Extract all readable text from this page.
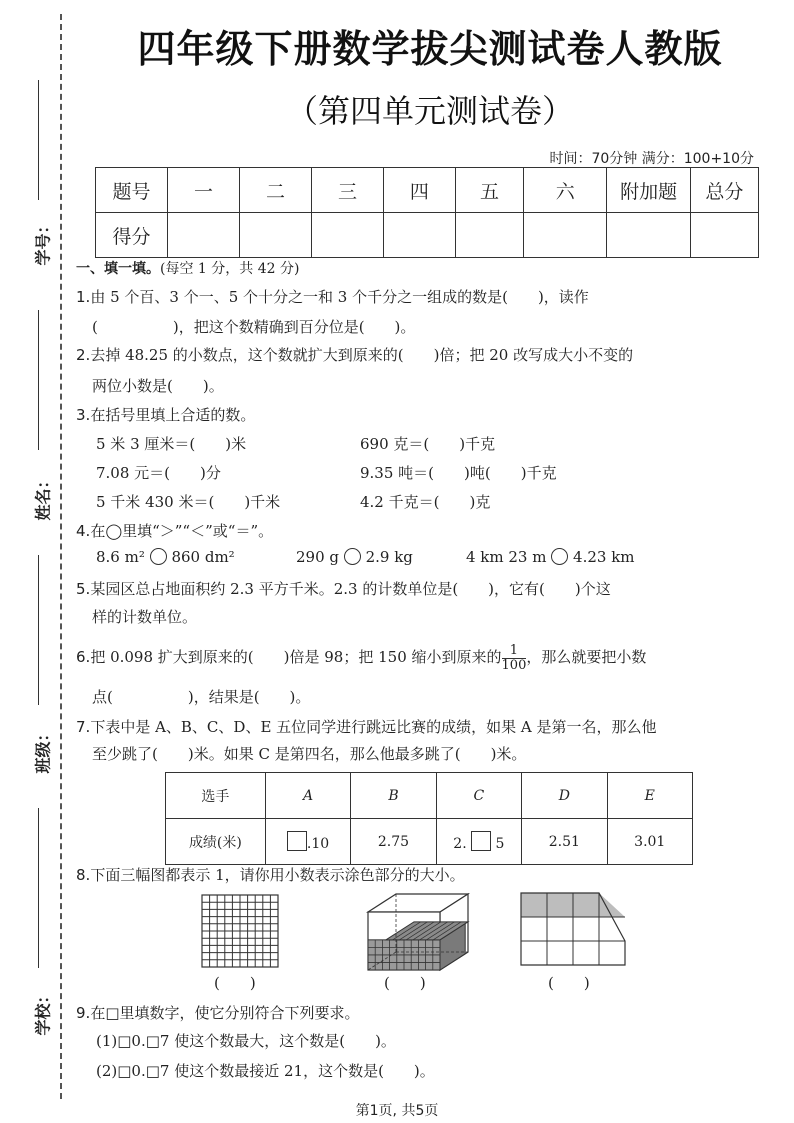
学号：
姓名：
班级：
学校：
四年级下册数学拔尖测试卷人教版
（第四单元测试卷）
时间：70分钟 满分：100+10分
题号	一	二	三	四	五	六	附加题	总分
得分								
一、填一填。(每空 1 分，共 42 分)
1.由 5 个百、3 个一、5 个十分之一和 3 个千分之一组成的数是(　　)，读作
(　　　　　)，把这个数精确到百分位是(　　)。
2.去掉 48.25 的小数点，这个数就扩大到原来的(　　)倍；把 20 改写成大小不变的
两位小数是(　　)。
3.在括号里填上合适的数。
5 米 3 厘米＝(　　)米	690 克＝(　　)千克
7.08 元＝(　　)分	9.35 吨＝(　　)吨(　　)千克
5 千米 430 米＝(　　)千米	4.2 千克＝(　　)克
4.在◯里填“＞”“＜”或“＝”。
8.6 m² 860 dm²	290 g 2.9 kg	4 km 23 m 4.23 km
5.某园区总占地面积约 2.3 平方千米。2.3 的计数单位是(　　)，它有(　　)个这
样的计数单位。
6.把 0.098 扩大到原来的(　　)倍是 98；把 150 缩小到原来的 $\frac{1}{100}$ ，那么就要把小数
点(　　　　　)，结果是(　　)。
7.下表中是 A、B、C、D、E 五位同学进行跳远比赛的成绩，如果 A 是第一名，那么他
至少跳了(　　)米。如果 C 是第四名，那么他最多跳了(　　)米。
选手	A	B	C	D	E
成绩(米)	.10	2.75	2. 5	2.51	3.01
8.下面三幅图都表示 1，请你用小数表示涂色部分的大小。
(　　)	(　　)	(　　)
9.在□里填数字，使它分别符合下列要求。
(1)□0.□7 使这个数最大，这个数是(　　)。
(2)□0.□7 使这个数最接近 21，这个数是(　　)。
第1页, 共5页
